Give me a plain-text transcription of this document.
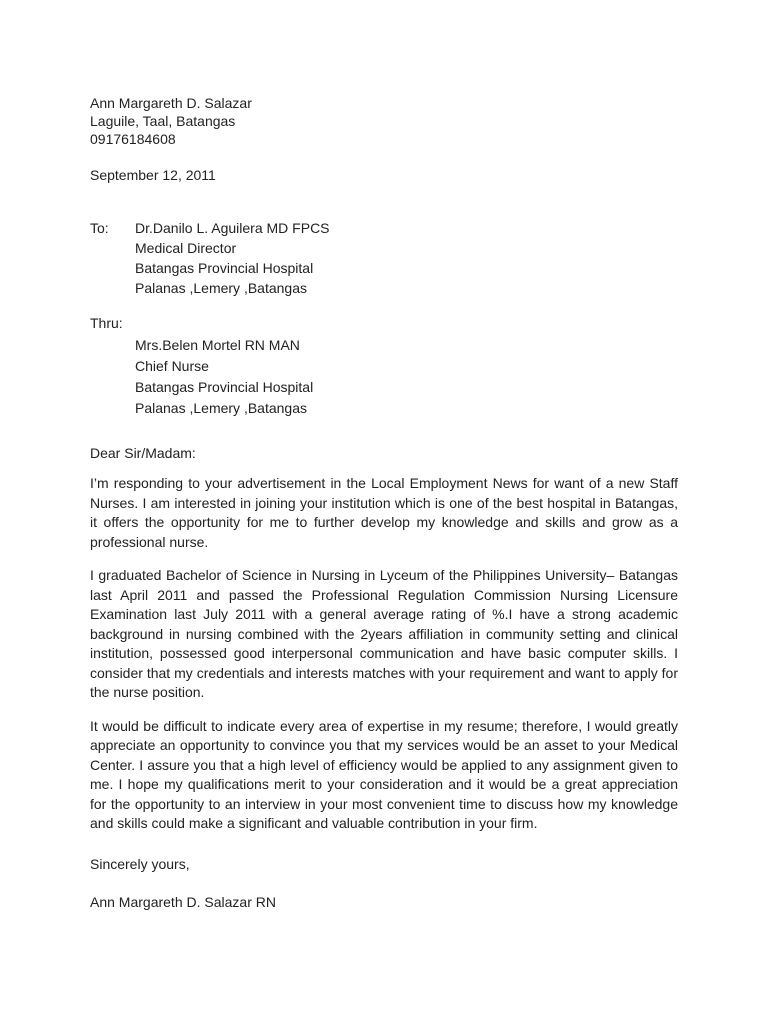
Ann Margareth D. Salazar
Laguile, Taal, Batangas
09176184608
September 12, 2011
To:	Dr.Danilo L. Aguilera MD FPCS
Medical Director
Batangas Provincial Hospital
Palanas ,Lemery ,Batangas
Thru:
Mrs.Belen Mortel RN MAN
Chief Nurse
Batangas Provincial Hospital
Palanas ,Lemery ,Batangas
Dear Sir/Madam:

I’m responding to your advertisement in the Local Employment News for want of a new Staff Nurses. I am interested in joining your institution which is one of the best hospital in Batangas, it offers the opportunity for me to further develop my knowledge and skills and grow as a professional nurse.

I graduated Bachelor of Science in Nursing in Lyceum of the Philippines University– Batangas last April 2011 and passed the Professional Regulation Commission Nursing Licensure Examination last July 2011 with a general average rating of %.I have a strong academic background in nursing combined with the 2years affiliation in community setting and clinical institution, possessed good interpersonal communication and have basic computer skills. I consider that my credentials and interests matches with your requirement and want to apply for the nurse position.

It would be difficult to indicate every area of expertise in my resume; therefore, I would greatly appreciate an opportunity to convince you that my services would be an asset to your Medical Center. I assure you that a high level of efficiency would be applied to any assignment given to me. I hope my qualifications merit to your consideration and it would be a great appreciation for the opportunity to an interview in your most convenient time to discuss how my knowledge and skills could make a significant and valuable contribution in your firm.

Sincerely yours,
Ann Margareth D. Salazar RN
